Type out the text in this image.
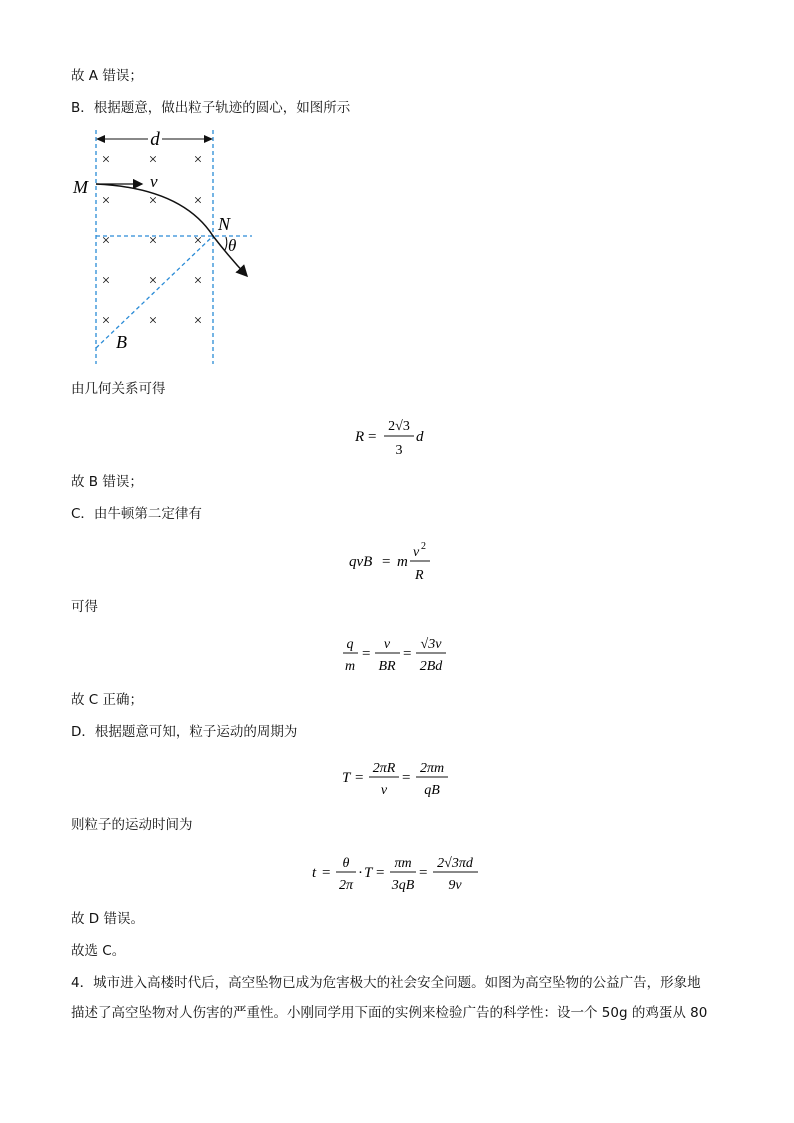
故 A 错误；
B．根据题意，做出粒子轨迹的圆心，如图所示
d
v
M
N
θ
B
×	× ×
×	× ×
×	× ×
×	× ×
×	× ×
由几何关系可得
R =
2√3
3
d
故 B 错误；
C．由牛顿第二定律有
qvB = m
v 2
R
可得
q
m
=
v
BR
=
√3v
2Bd
故 C 正确；
D．根据题意可知，粒子运动的周期为
T =
2πR
v
=
2πm
qB
则粒子的运动时间为
t =
θ
2π
· T =
πm
3qB
=
2√3πd
9v
故 D 错误。
故选 C。
4．城市进入高楼时代后，高空坠物已成为危害极大的社会安全问题。如图为高空坠物的公益广告，形象地
描述了高空坠物对人伤害的严重性。小刚同学用下面的实例来检验广告的科学性：设一个 50g 的鸡蛋从 80
